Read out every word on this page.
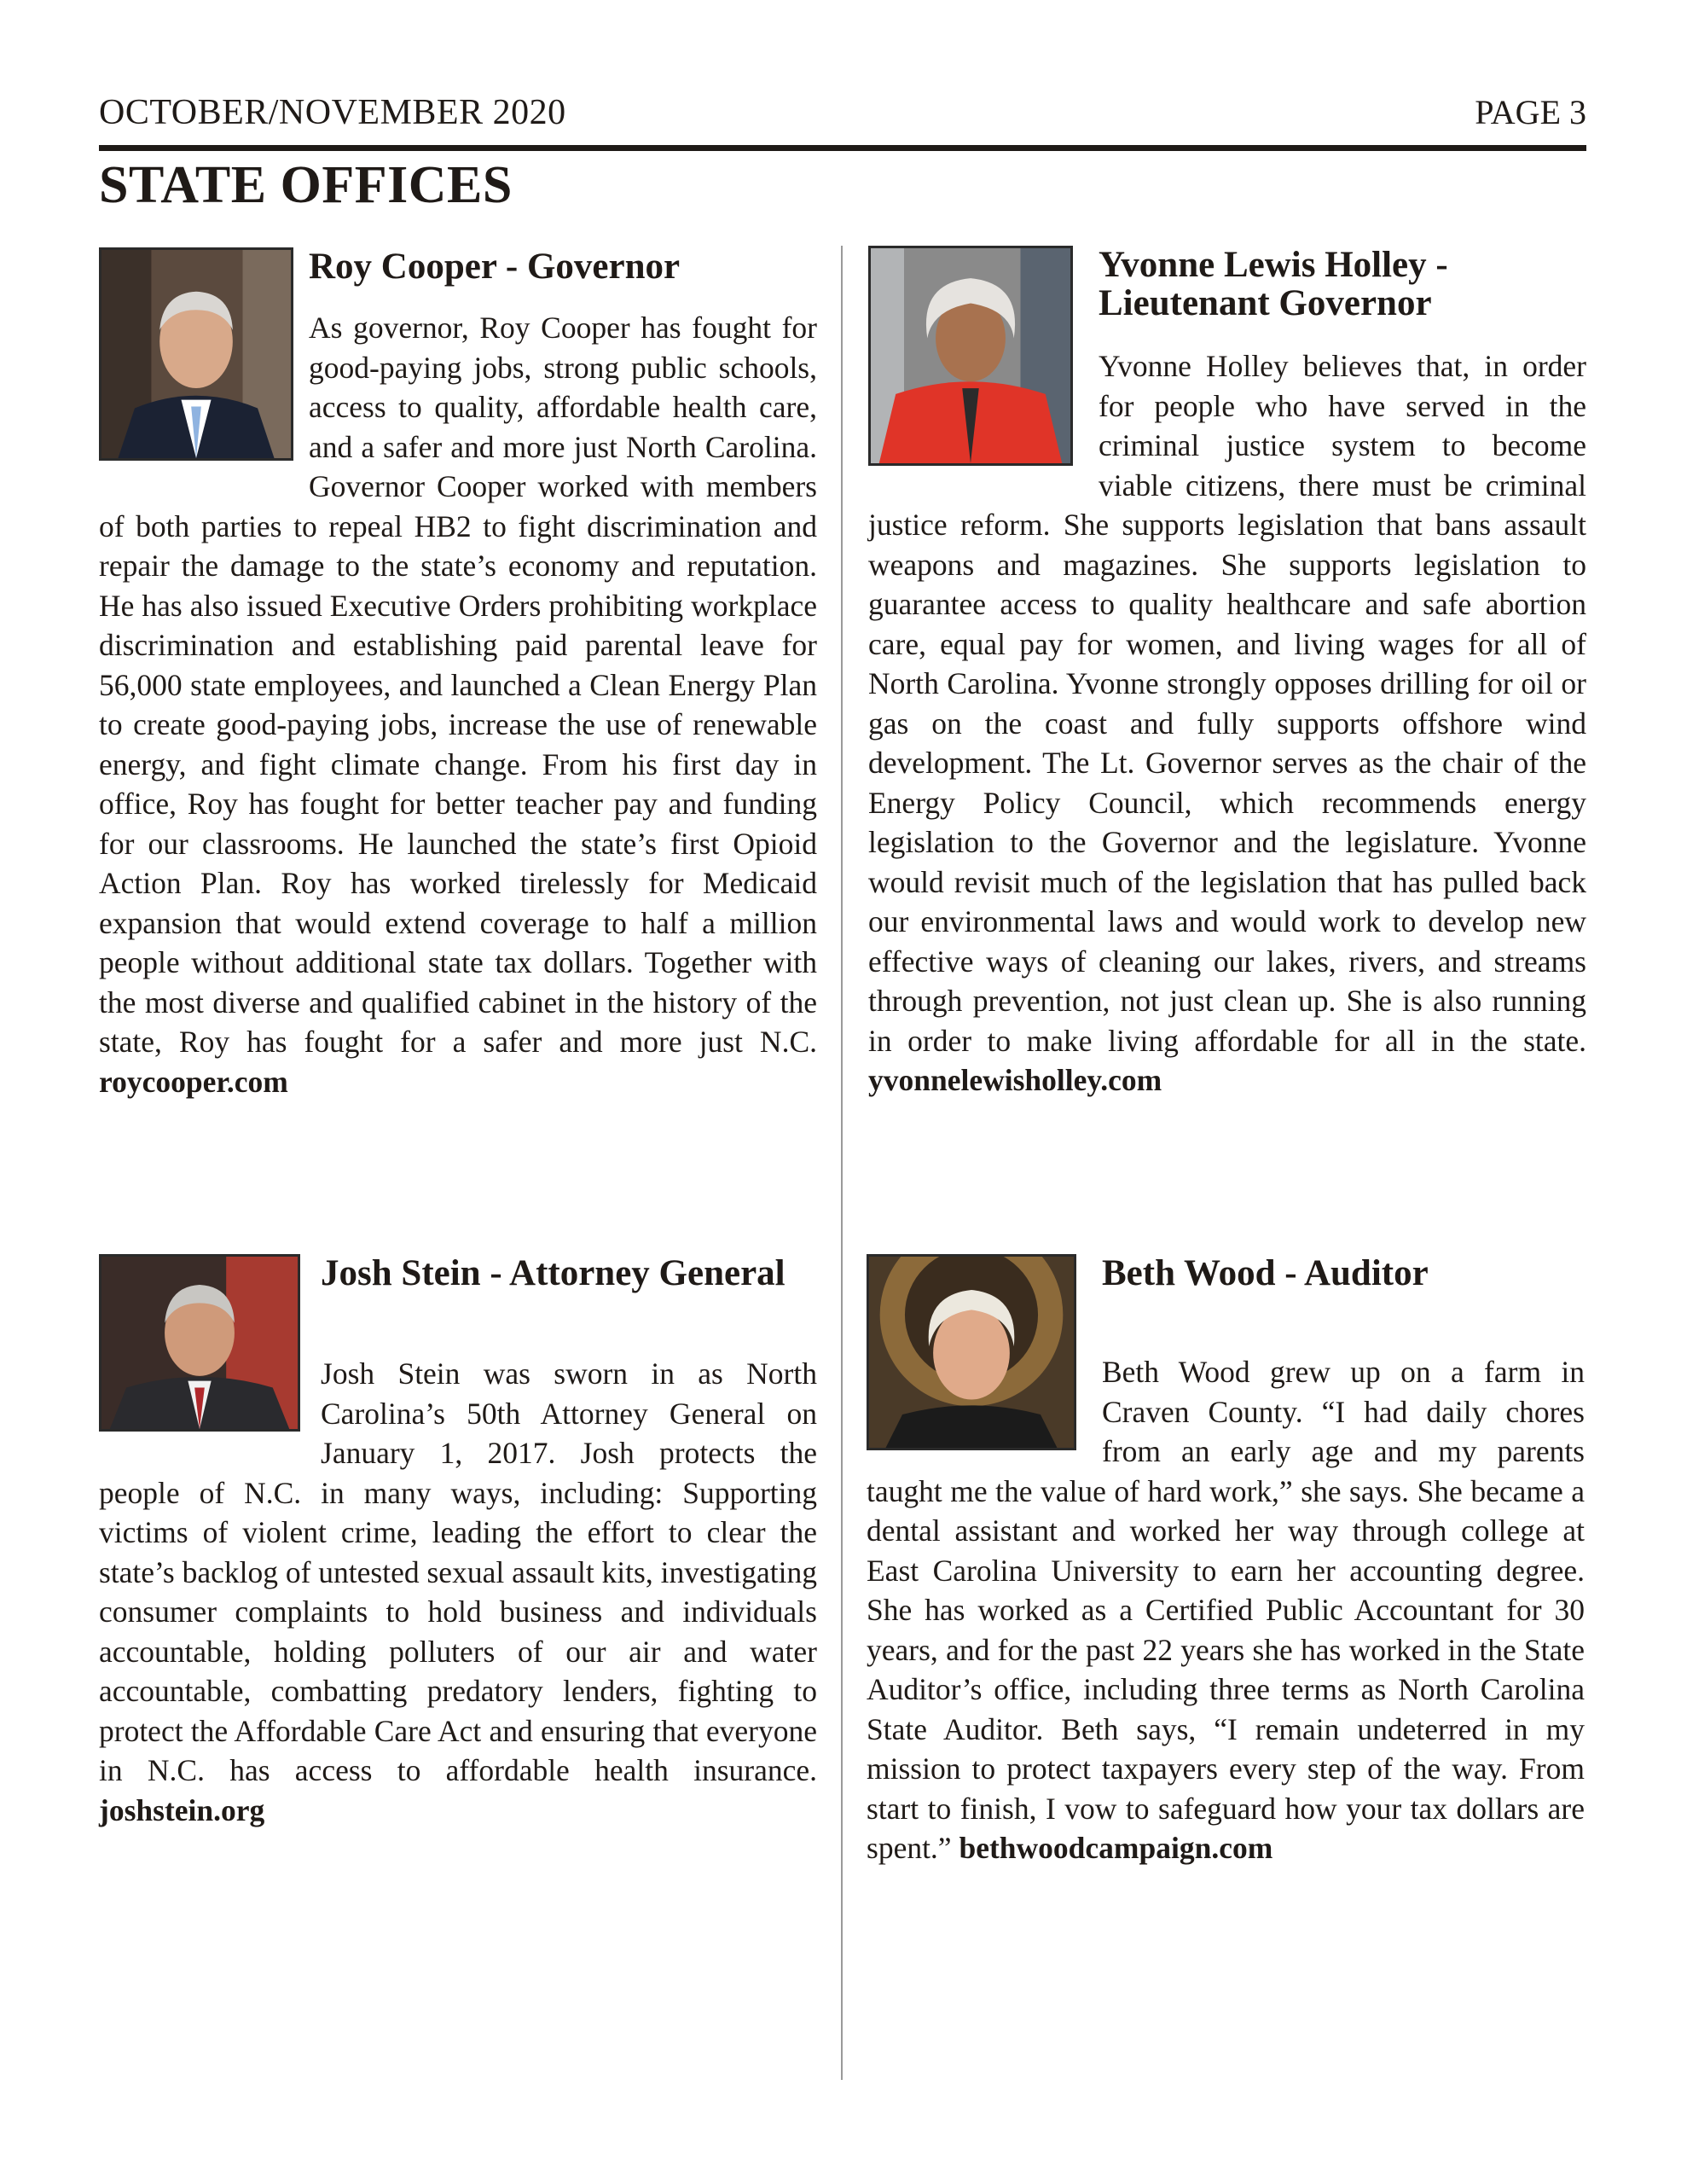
OCTOBER/NOVEMBER 2020	PAGE 3
STATE OFFICES
Roy Cooper - Governor

As governor, Roy Cooper has fought for good-paying jobs, strong public schools, access to quality, affordable health care, and a safer and more just North Carolina. Governor Cooper worked with members of both parties to repeal HB2 to fight discrimination and repair the damage to the state’s economy and reputation. He has also issued Executive Orders prohibiting workplace discrimination and establishing paid parental leave for 56,000 state employees, and launched a Clean Energy Plan to create good-paying jobs, increase the use of renewable energy, and fight climate change. From his first day in office, Roy has fought for better teacher pay and funding for our classrooms. He launched the state’s first Opioid Action Plan. Roy has worked tirelessly for Medicaid expansion that would extend coverage to half a million people without additional state tax dollars. Together with the most diverse and qualified cabinet in the history of the state, Roy has fought for a safer and more just N.C. roycooper.com

Yvonne Lewis Holley - Lieutenant Governor

Yvonne Holley believes that, in order for people who have served in the criminal justice system to become viable citizens, there must be criminal justice reform. She supports legislation that bans assault weapons and magazines. She supports legislation to guarantee access to quality healthcare and safe abortion care, equal pay for women, and living wages for all of North Carolina. Yvonne strongly opposes drilling for oil or gas on the coast and fully supports offshore wind development. The Lt. Governor serves as the chair of the Energy Policy Council, which recommends energy legislation to the Governor and the legislature. Yvonne would revisit much of the legislation that has pulled back our environmental laws and would work to develop new effective ways of cleaning our lakes, rivers, and streams through prevention, not just clean up. She is also running in order to make living affordable for all in the state. yvonnelewisholley.com

Josh Stein - Attorney General

Josh Stein was sworn in as North Carolina’s 50th Attorney General on January 1, 2017. Josh protects the people of N.C. in many ways, including: Supporting victims of violent crime, leading the effort to clear the state’s backlog of untested sexual assault kits, investigating consumer complaints to hold business and individuals accountable, holding polluters of our air and water accountable, combatting predatory lenders, fighting to protect the Affordable Care Act and ensuring that everyone in N.C. has access to affordable health insurance. joshstein.org

Beth Wood - Auditor

Beth Wood grew up on a farm in Craven County. “I had daily chores from an early age and my parents taught me the value of hard work,” she says. She became a dental assistant and worked her way through college at East Carolina University to earn her accounting degree. She has worked as a Certified Public Accountant for 30 years, and for the past 22 years she has worked in the State Auditor’s office, including three terms as North Carolina State Auditor. Beth says, “I remain undeterred in my mission to protect taxpayers every step of the way. From start to finish, I vow to safeguard how your tax dollars are spent.” bethwoodcampaign.com
